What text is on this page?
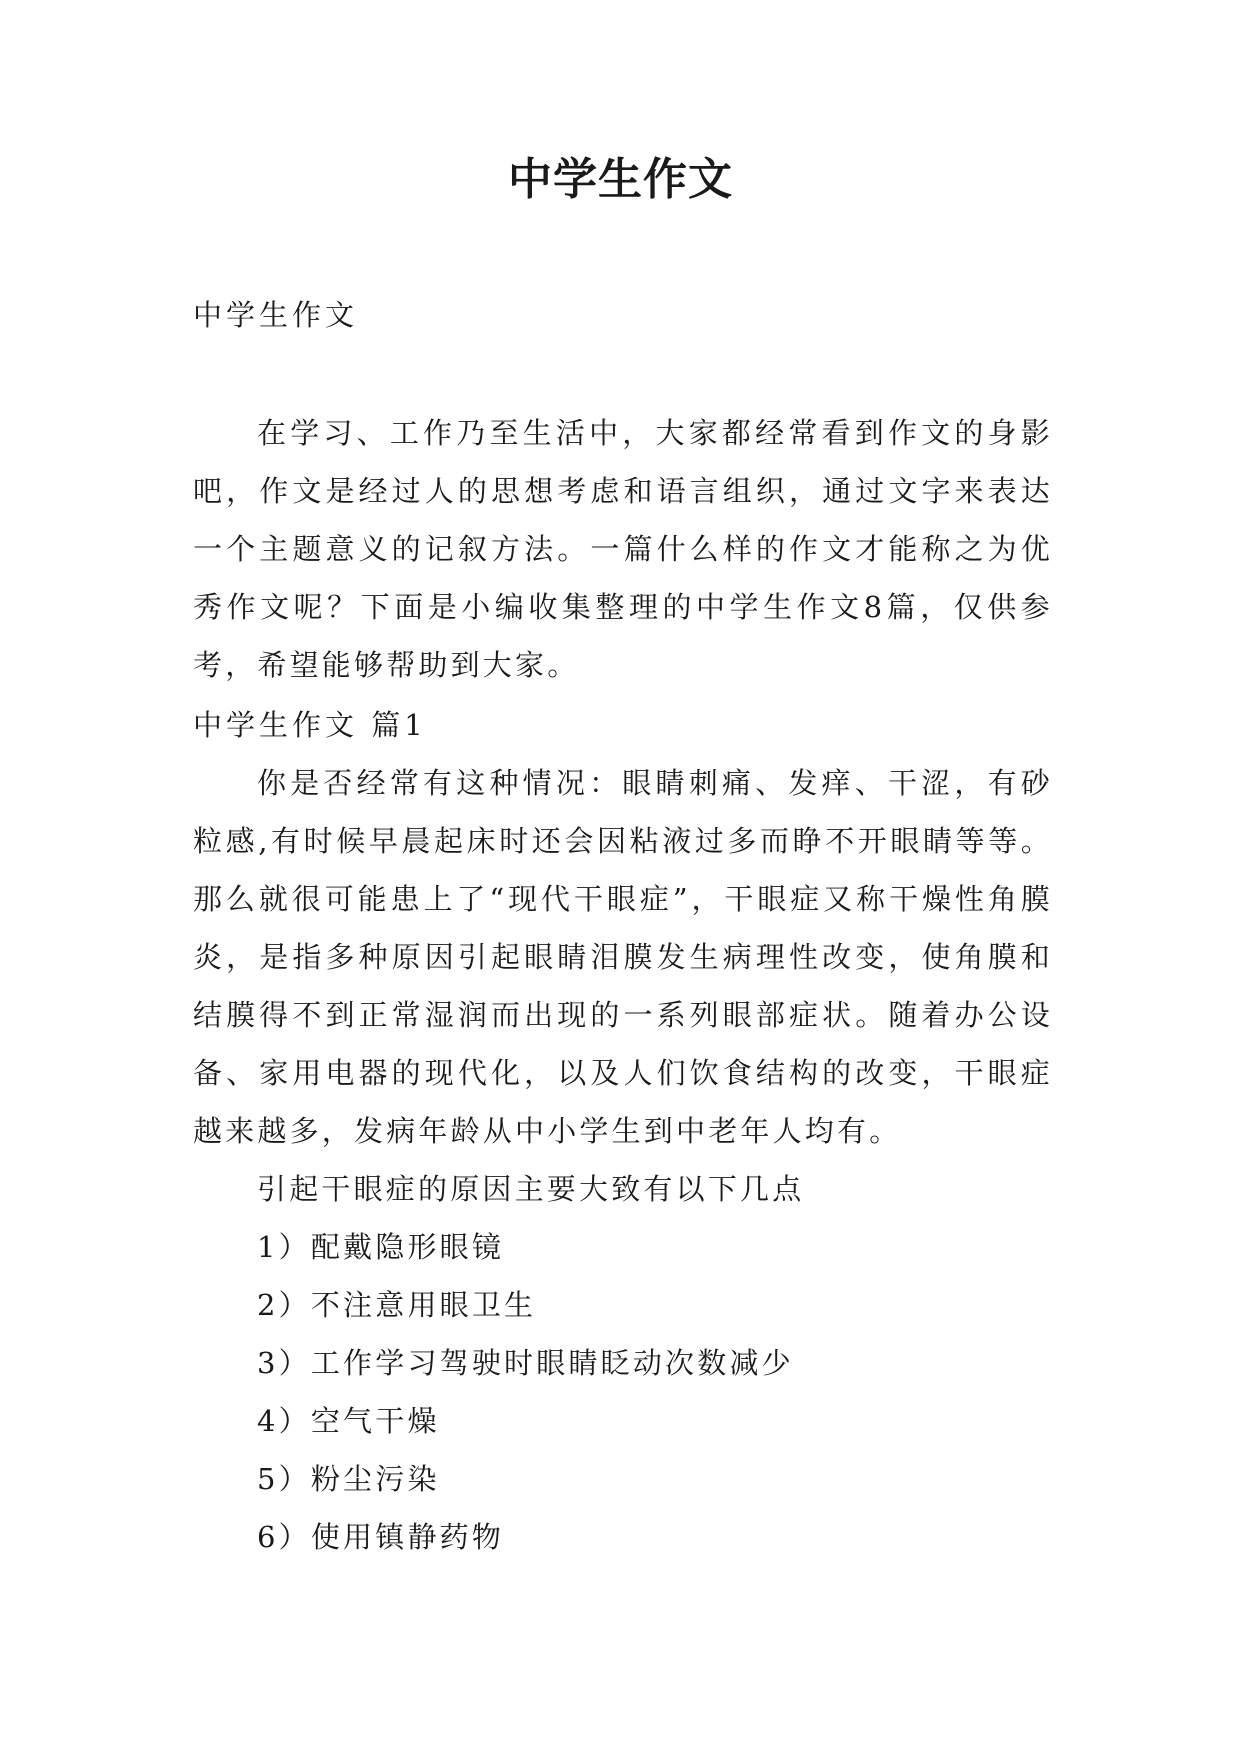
中学生作文
中学生作文

在学习、工作乃至生活中，大家都经常看到作文的身影吧，作文是经过人的思想考虑和语言组织，通过文字来表达一个主题意义的记叙方法。一篇什么样的作文才能称之为优秀作文呢？下面是小编收集整理的中学生作文8篇，仅供参考，希望能够帮助到大家。

中学生作文 篇1

你是否经常有这种情况：眼睛刺痛、发痒、干涩，有砂粒感,有时候早晨起床时还会因粘液过多而睁不开眼睛等等。那么就很可能患上了“现代干眼症”，干眼症又称干燥性角膜炎，是指多种原因引起眼睛泪膜发生病理性改变，使角膜和结膜得不到正常湿润而出现的一系列眼部症状。随着办公设备、家用电器的现代化，以及人们饮食结构的改变，干眼症越来越多，发病年龄从中小学生到中老年人均有。

引起干眼症的原因主要大致有以下几点
1）配戴隐形眼镜
2）不注意用眼卫生
3）工作学习驾驶时眼睛眨动次数减少
4）空气干燥
5）粉尘污染
6）使用镇静药物
